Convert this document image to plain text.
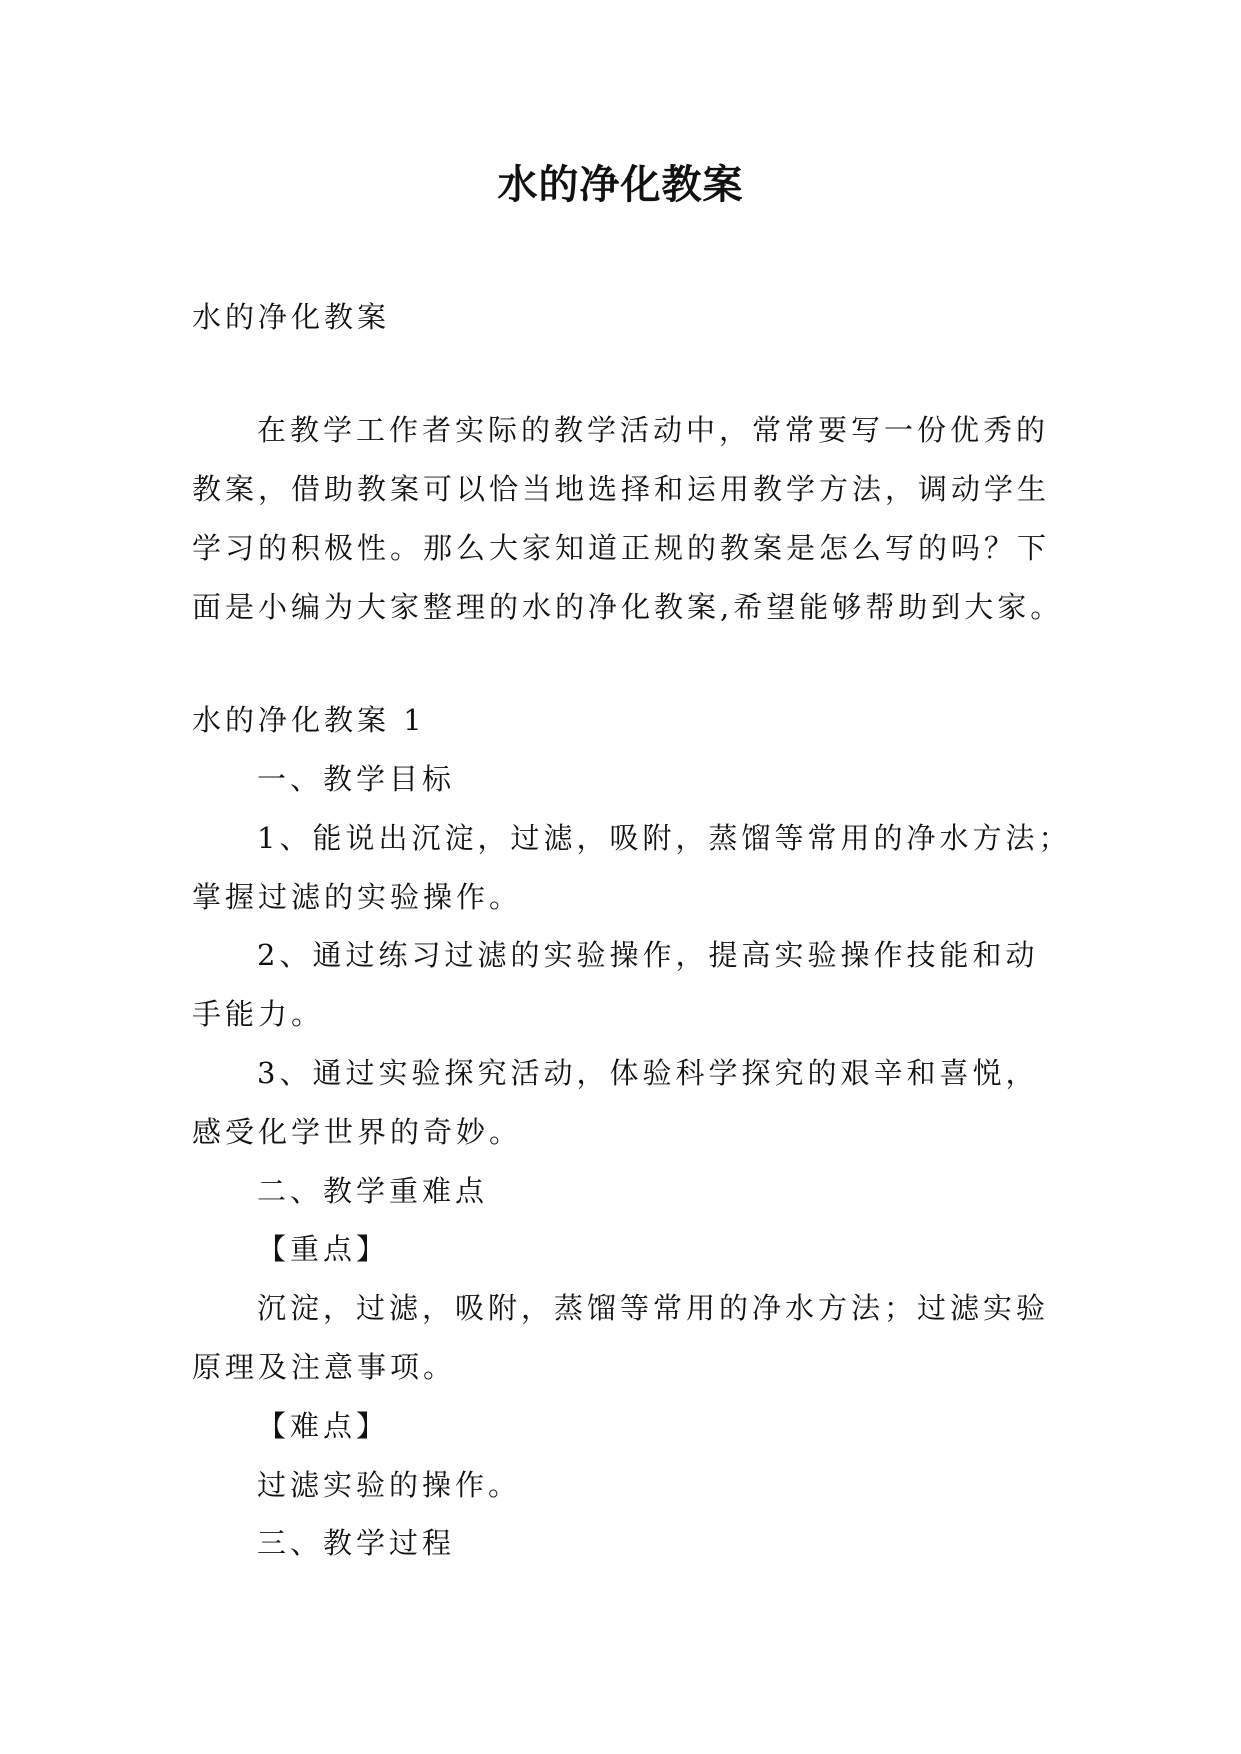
水的净化教案

水的净化教案

在教学工作者实际的教学活动中，常常要写一份优秀的

教案，借助教案可以恰当地选择和运用教学方法，调动学生

学习的积极性。那么大家知道正规的教案是怎么写的吗？下

面是小编为大家整理的水的净化教案,希望能够帮助到大家。

水的净化教案 1

一、教学目标

1、能说出沉淀，过滤，吸附，蒸馏等常用的净水方法；

掌握过滤的实验操作。

2、通过练习过滤的实验操作，提高实验操作技能和动

手能力。

3、通过实验探究活动，体验科学探究的艰辛和喜悦，

感受化学世界的奇妙。

二、教学重难点

【重点】

沉淀，过滤，吸附，蒸馏等常用的净水方法；过滤实验

原理及注意事项。

【难点】

过滤实验的操作。

三、教学过程
